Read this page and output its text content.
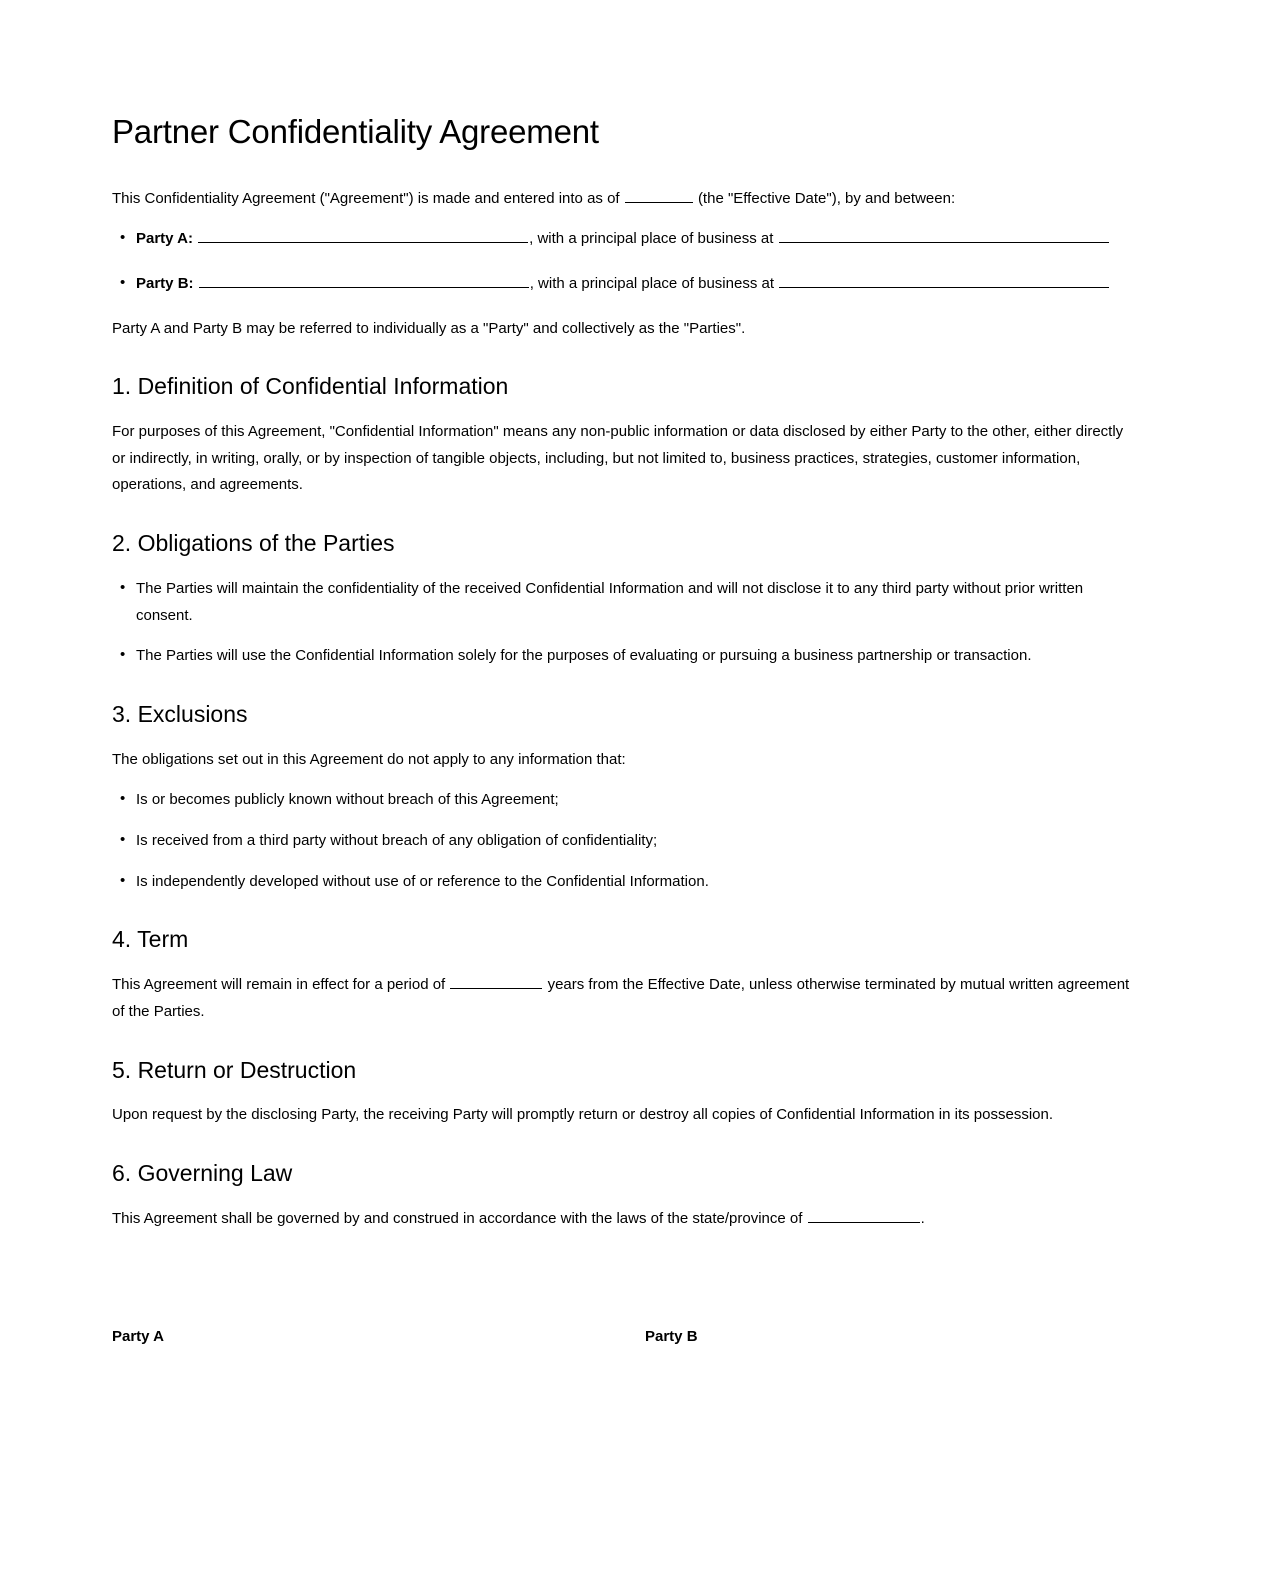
Partner Confidentiality Agreement

This Confidentiality Agreement ("Agreement") is made and entered into as of	(the "Effective Date"), by and between:

• Party A:	, with a principal place of business at
• Party B:	, with a principal place of business at

Party A and Party B may be referred to individually as a "Party" and collectively as the "Parties".

1. Definition of Confidential Information

For purposes of this Agreement, "Confidential Information" means any non-public information or data disclosed by either Party to the other, either directly or indirectly, in writing, orally, or by inspection of tangible objects, including, but not limited to, business practices, strategies, customer information, operations, and agreements.

2. Obligations of the Parties
• The Parties will maintain the confidentiality of the received Confidential Information and will not disclose it to any third party without prior written consent.
• The Parties will use the Confidential Information solely for the purposes of evaluating or pursuing a business partnership or transaction.
3. Exclusions

The obligations set out in this Agreement do not apply to any information that:

• Is or becomes publicly known without breach of this Agreement;
• Is received from a third party without breach of any obligation of confidentiality;
• Is independently developed without use of or reference to the Confidential Information.
4. Term

This Agreement will remain in effect for a period of	years from the Effective Date, unless otherwise terminated by mutual written agreement of the Parties.

5. Return or Destruction

Upon request by the disclosing Party, the receiving Party will promptly return or destroy all copies of Confidential Information in its possession.

6. Governing Law

This Agreement shall be governed by and construed in accordance with the laws of the state/province of	.

Party A	Party B
